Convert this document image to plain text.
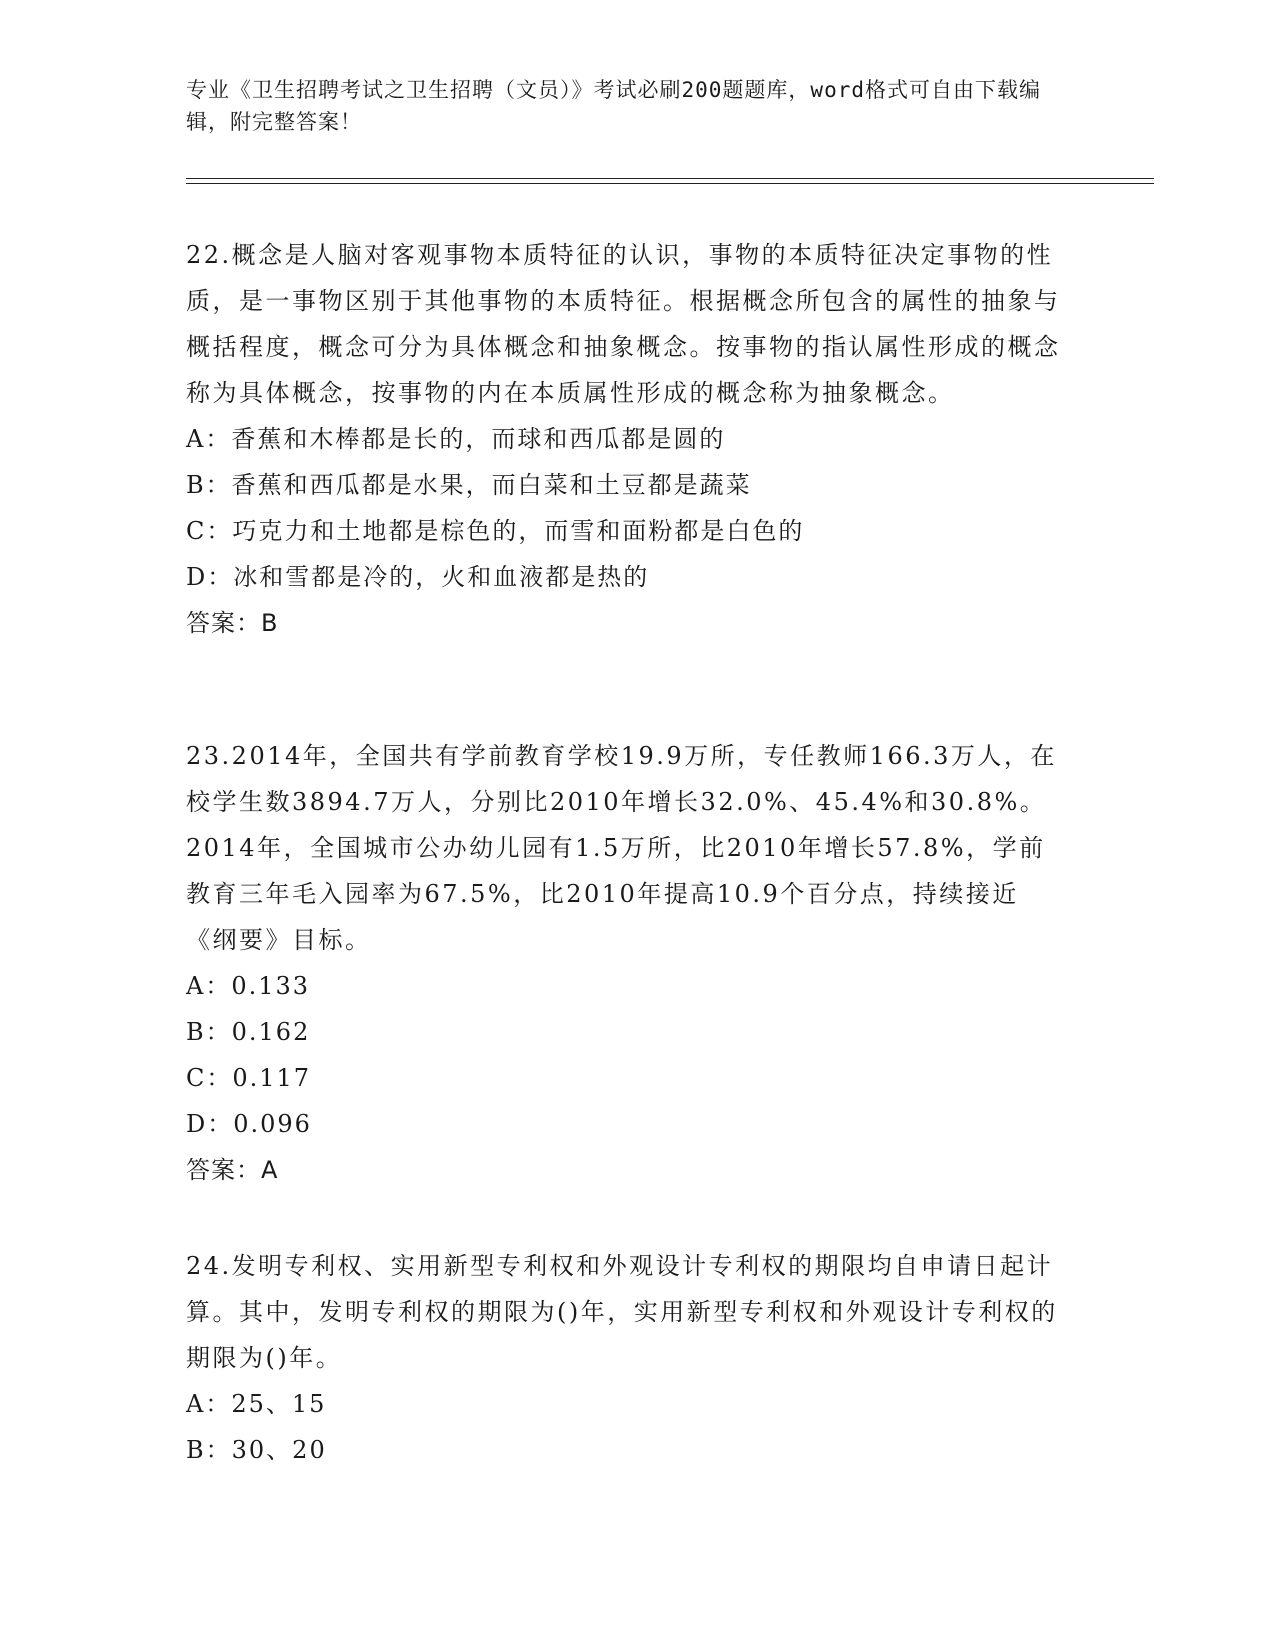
专业《卫生招聘考试之卫生招聘（文员）》考试必刷200题题库，word格式可自由下载编辑，附完整答案！

22.概念是人脑对客观事物本质特征的认识，事物的本质特征决定事物的性质，是一事物区别于其他事物的本质特征。根据概念所包含的属性的抽象与概括程度，概念可分为具体概念和抽象概念。按事物的指认属性形成的概念称为具体概念，按事物的内在本质属性形成的概念称为抽象概念。

A：香蕉和木棒都是长的，而球和西瓜都是圆的

B：香蕉和西瓜都是水果，而白菜和土豆都是蔬菜

C：巧克力和土地都是棕色的，而雪和面粉都是白色的

D：冰和雪都是冷的，火和血液都是热的

答案：B

23.2014年，全国共有学前教育学校19.9万所，专任教师166.3万人，在校学生数3894.7万人，分别比2010年增长32.0%、45.4%和30.8%。2014年，全国城市公办幼儿园有1.5万所，比2010年增长57.8%，学前教育三年毛入园率为67.5%，比2010年提高10.9个百分点，持续接近《纲要》目标。

A：0.133

B：0.162

C：0.117

D：0.096

答案：A

24.发明专利权、实用新型专利权和外观设计专利权的期限均自申请日起计算。其中，发明专利权的期限为()年，实用新型专利权和外观设计专利权的期限为()年。

A：25、15

B：30、20
